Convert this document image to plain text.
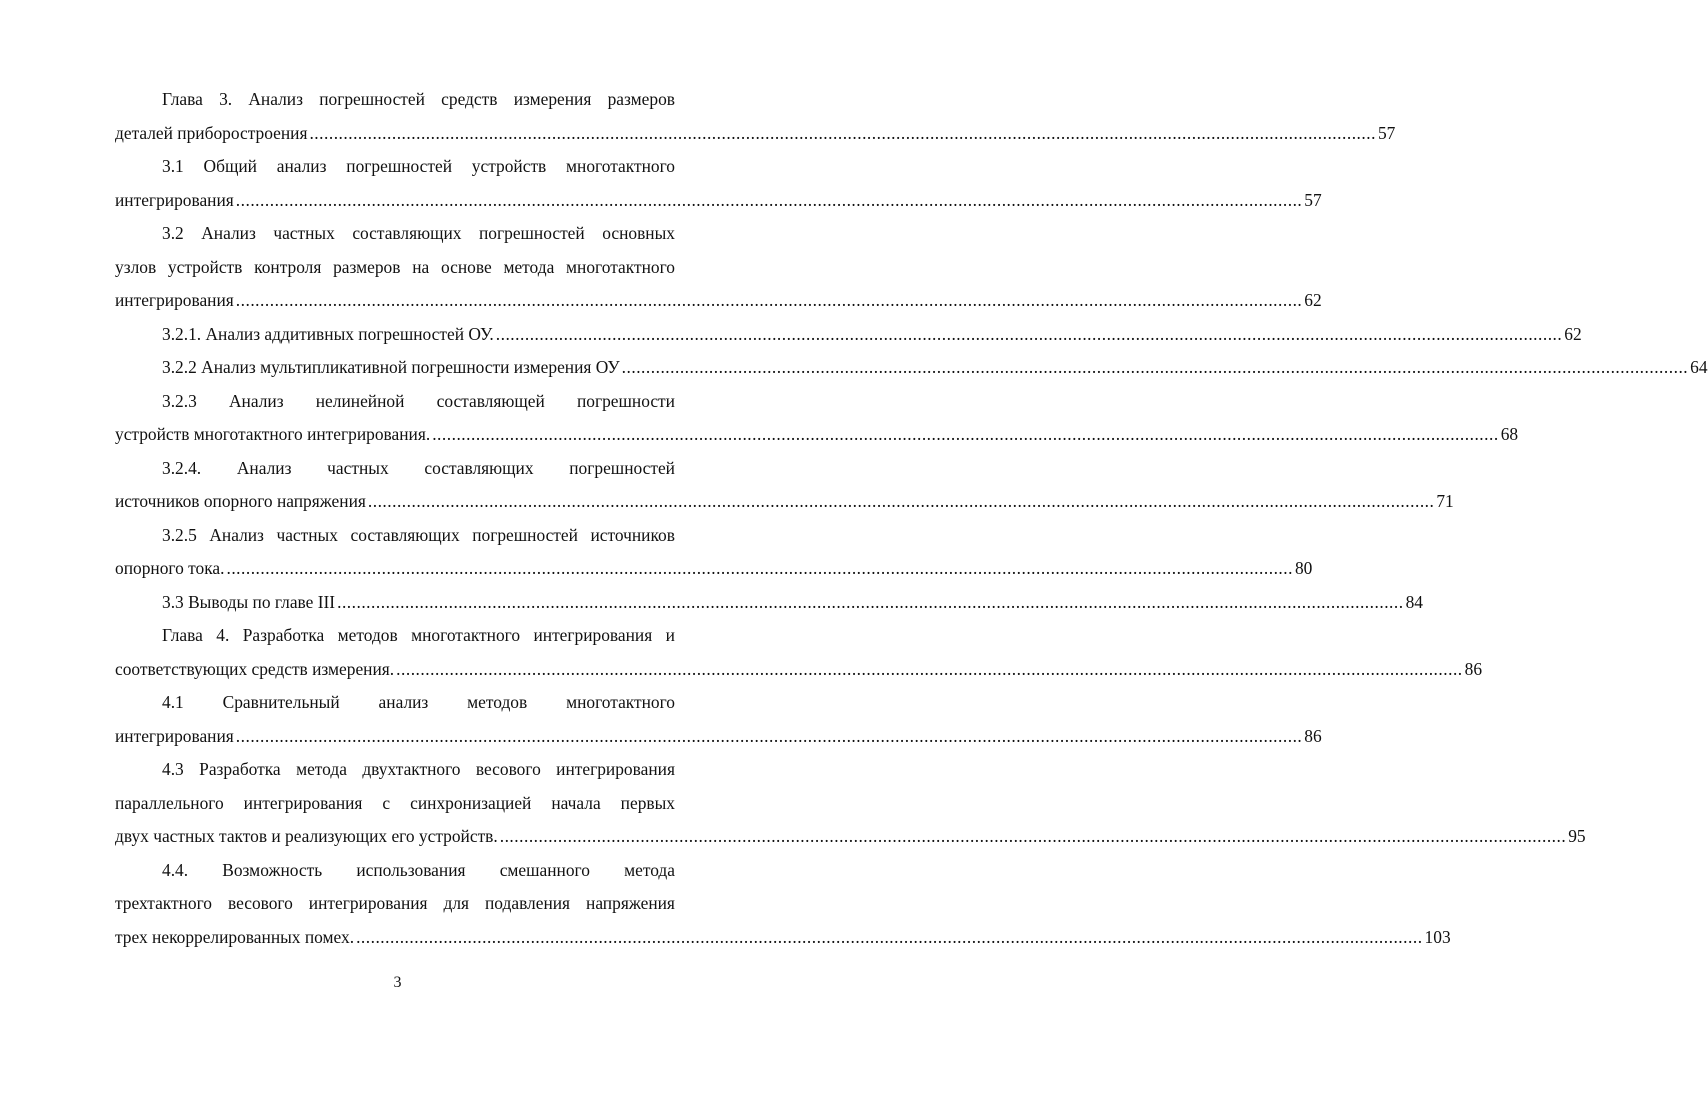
Глава 3. Анализ погрешностей средств измерения размеров
деталей приборостроения ............................................................................................................................................................................................................................ 57
3.1 Общий анализ погрешностей устройств многотактного
интегрирования ............................................................................................................................................................................................................................ 57
3.2 Анализ частных составляющих погрешностей основных
узлов устройств контроля размеров на основе метода многотактного
интегрирования ............................................................................................................................................................................................................................ 62
3.2.1. Анализ аддитивных погрешностей ОУ. ............................................................................................................................................................................................................................ 62
3.2.2 Анализ мультипликативной погрешности измерения ОУ ............................................................................................................................................................................................................................ 64
3.2.3 Анализ нелинейной составляющей погрешности
устройств многотактного интегрирования. ............................................................................................................................................................................................................................ 68
3.2.4. Анализ частных составляющих погрешностей
источников опорного напряжения ............................................................................................................................................................................................................................ 71
3.2.5 Анализ частных составляющих погрешностей источников
опорного тока. ............................................................................................................................................................................................................................ 80
3.3 Выводы по главе III ............................................................................................................................................................................................................................ 84
Глава 4. Разработка методов многотактного интегрирования и
соответствующих средств измерения. ............................................................................................................................................................................................................................ 86
4.1 Сравнительный анализ методов многотактного
интегрирования ............................................................................................................................................................................................................................ 86
4.3 Разработка метода двухтактного весового интегрирования
параллельного интегрирования с синхронизацией начала первых
двух частных тактов и реализующих его устройств. ............................................................................................................................................................................................................................ 95
4.4. Возможность использования смешанного метода
трехтактного весового интегрирования для подавления напряжения
трех некоррелированных помех. ............................................................................................................................................................................................................................ 103
3
